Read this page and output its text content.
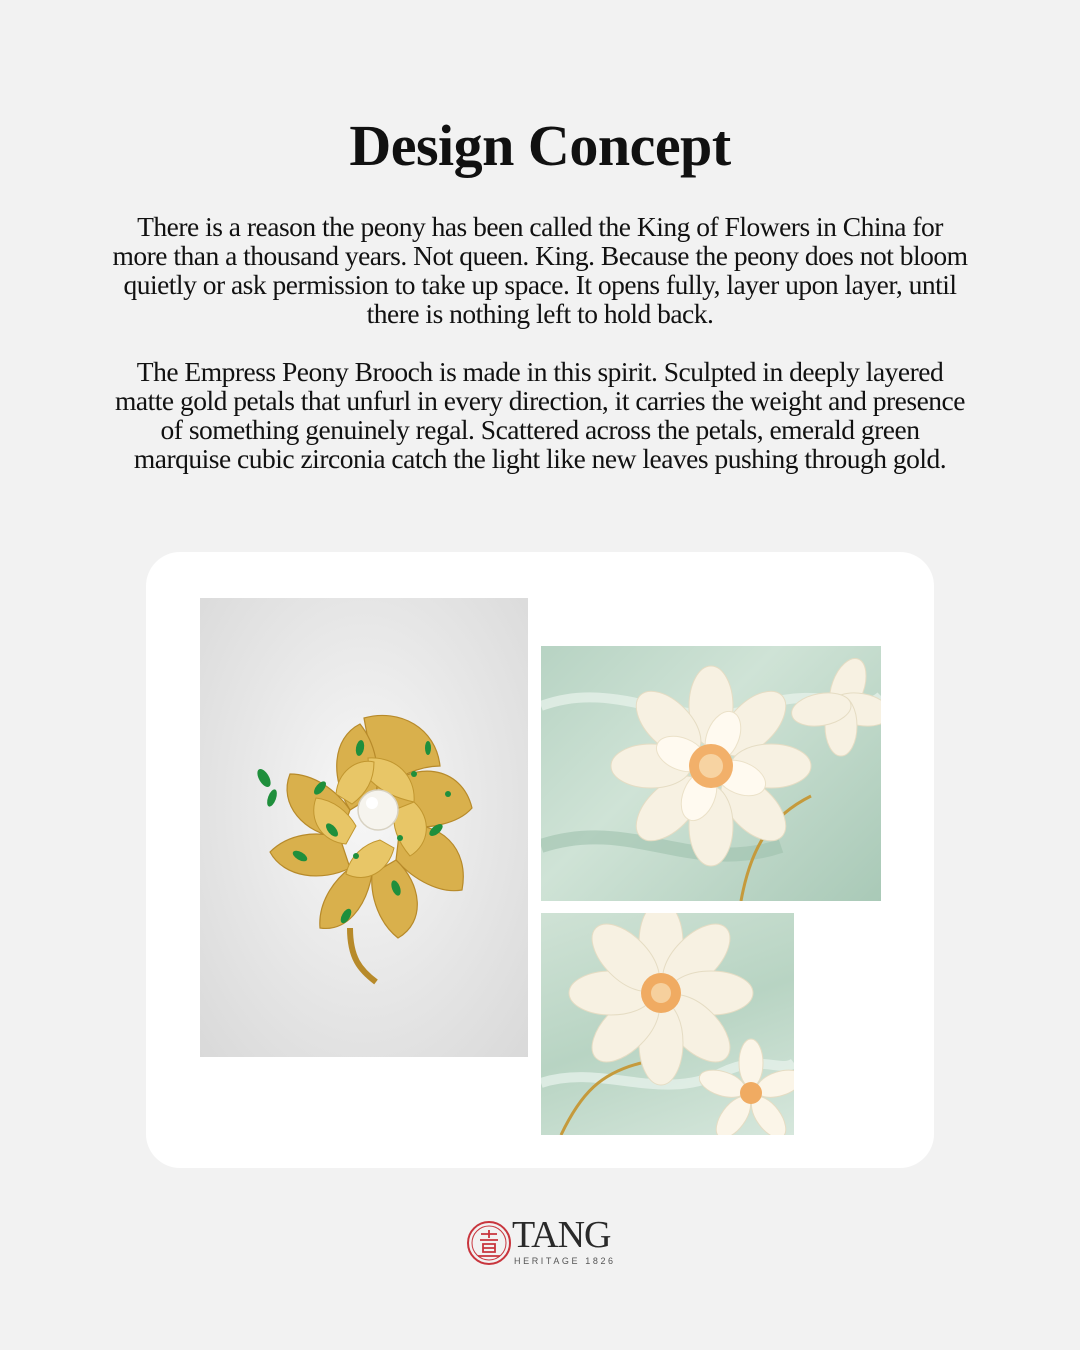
Design Concept

There is a reason the peony has been called the King of Flowers in China for more than a thousand years. Not queen. King. Because the peony does not bloom quietly or ask permission to take up space. It opens fully, layer upon layer, until there is nothing left to hold back.

The Empress Peony Brooch is made in this spirit. Sculpted in deeply layered matte gold petals that unfurl in every direction, it carries the weight and presence of something genuinely regal. Scattered across the petals, emerald green marquise cubic zirconia catch the light like new leaves pushing through gold.

TANG
HERITAGE 1826
